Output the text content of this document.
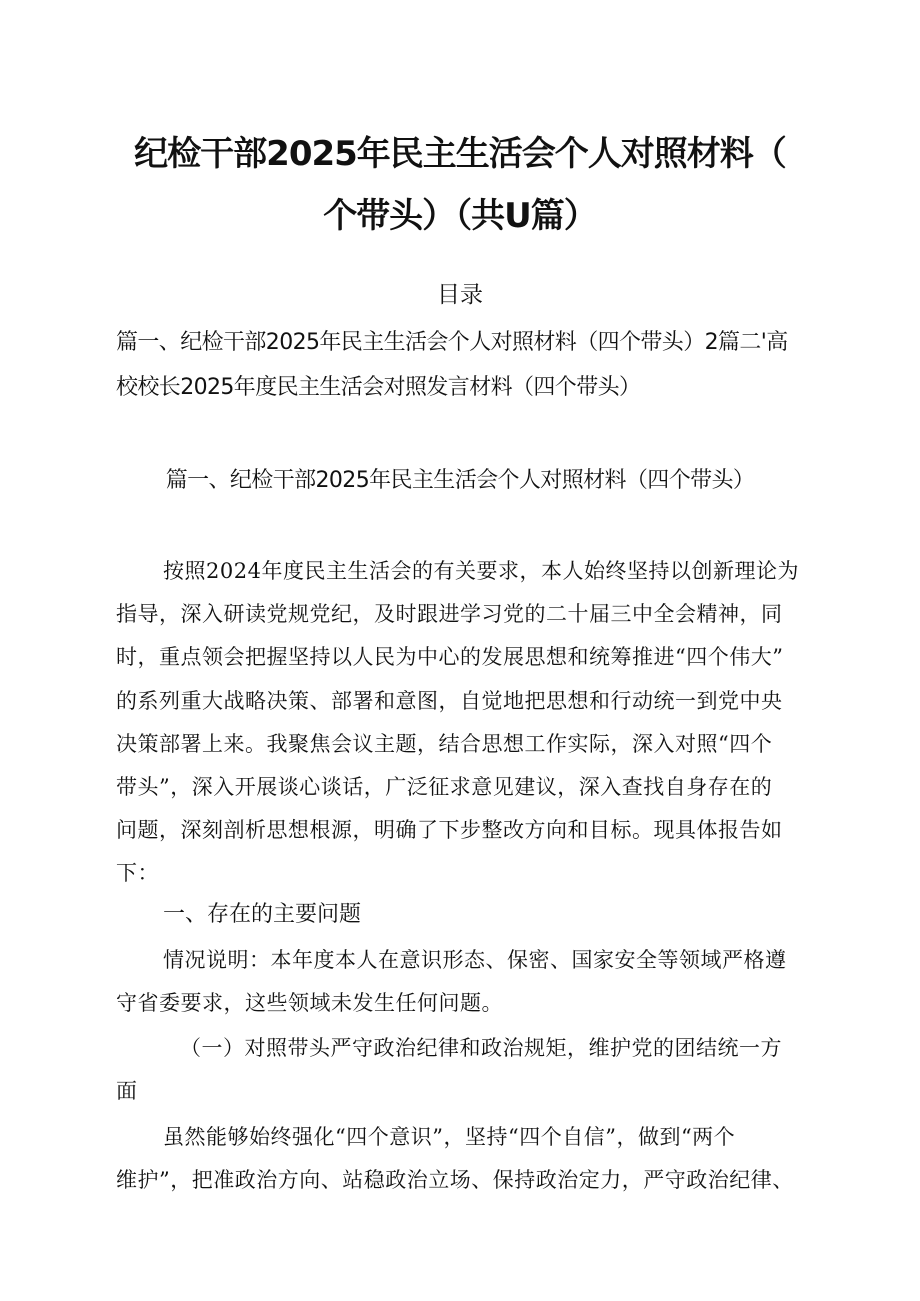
纪检干部2025年民主生活会个人对照材料（
个带头）（共U篇）
目录
篇一、纪检干部2025年民主生活会个人对照材料（四个带头）2篇二'高
校校长2025年度民主生活会对照发言材料（四个带头）
篇一、纪检干部2025年民主生活会个人对照材料（四个带头）
按照2024年度民主生活会的有关要求，本人始终坚持以创新理论为
指导，深入研读党规党纪，及时跟进学习党的二十届三中全会精神，同
时，重点领会把握坚持以人民为中心的发展思想和统筹推进“四个伟大”
的系列重大战略决策、部署和意图，自觉地把思想和行动统一到党中央
决策部署上来。我聚焦会议主题，结合思想工作实际，深入对照“四个
带头”，深入开展谈心谈话，广泛征求意见建议，深入查找自身存在的
问题，深刻剖析思想根源，明确了下步整改方向和目标。现具体报告如
下：
一、存在的主要问题
情况说明：本年度本人在意识形态、保密、国家安全等领域严格遵
守省委要求，这些领域未发生任何问题。
（一）对照带头严守政治纪律和政治规矩，维护党的团结统一方
面
虽然能够始终强化“四个意识”，坚持“四个自信”，做到“两个
维护”，把准政治方向、站稳政治立场、保持政治定力，严守政治纪律、
